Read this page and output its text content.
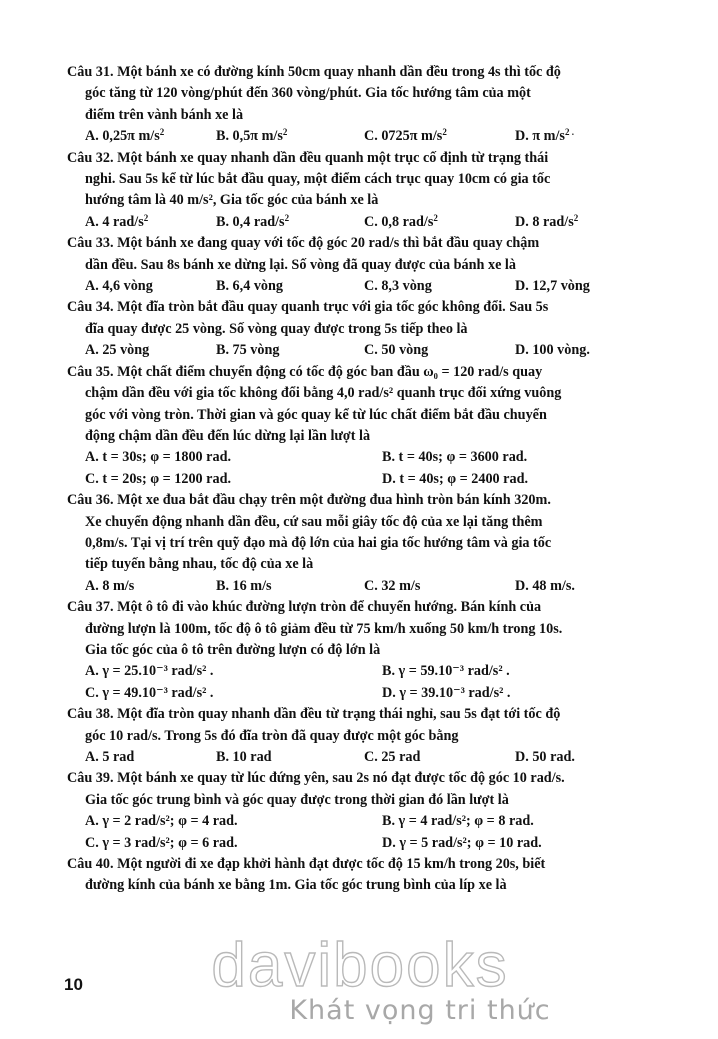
Câu 31. Một bánh xe có đường kính 50cm quay nhanh dần đều trong 4s thì tốc độ
góc tăng từ 120 vòng/phút đến 360 vòng/phút. Gia tốc hướng tâm của một
điểm trên vành bánh xe là
A. 0,25π $m/s^2$	B. 0,5π $m/s^2$	C. 0725π $m/s^2$	D. π $m/s^{2 .}$
Câu 32. Một bánh xe quay nhanh dần đều quanh một trục cố định từ trạng thái
nghi. Sau 5s kể từ lúc bắt đầu quay, một điểm cách trục quay 10cm có gia tốc
hướng tâm là 40 m/s², Gia tốc góc của bánh xe là
A. 4 rad/$s^2$	B. 0,4 rad/$s^2$	C. 0,8 rad/$s^2$	D. 8 rad/$s^2$
Câu 33. Một bánh xe đang quay với tốc độ góc 20 rad/s thì bắt đầu quay chậm
dần đều. Sau 8s bánh xe dừng lại. Số vòng đã quay được của bánh xe là
A. 4,6 vòng	B. 6,4 vòng	C. 8,3 vòng	D. 12,7 vòng
Câu 34. Một đĩa tròn bắt đầu quay quanh trục với gia tốc góc không đổi. Sau 5s
đĩa quay được 25 vòng. Số vòng quay được trong 5s tiếp theo là
A. 25 vòng	B. 75 vòng	C. 50 vòng	D. 100 vòng.
Câu 35. Một chất điểm chuyển động có tốc độ góc ban đầu ω₀ = 120 rad/s quay
chậm dần đều với gia tốc không đổi bằng 4,0 rad/s² quanh trục đối xứng vuông
góc với vòng tròn. Thời gian và góc quay kể từ lúc chất điểm bắt đầu chuyển
động chậm dần đều đến lúc dừng lại lần lượt là
A. t = 30s; φ = 1800 rad.	B. t = 40s; φ = 3600 rad.
C. t = 20s; φ = 1200 rad.	D. t = 40s; φ = 2400 rad.
Câu 36. Một xe đua bắt đầu chạy trên một đường đua hình tròn bán kính 320m.
Xe chuyển động nhanh dần đều, cứ sau mỗi giây tốc độ của xe lại tăng thêm
0,8m/s. Tại vị trí trên quỹ đạo mà độ lớn của hai gia tốc hướng tâm và gia tốc
tiếp tuyến bằng nhau, tốc độ của xe là
A. 8 m/s	B. 16 m/s	C. 32 m/s	D. 48 m/s.
Câu 37. Một ô tô đi vào khúc đường lượn tròn để chuyển hướng. Bán kính của
đường lượn là 100m, tốc độ ô tô giảm đều từ 75 km/h xuống 50 km/h trong 10s.
Gia tốc góc của ô tô trên đường lượn có độ lớn là
A. γ = 25.10⁻³ rad/s² .	B. γ = 59.10⁻³ rad/s² .
C. γ = 49.10⁻³ rad/s² .	D. γ = 39.10⁻³ rad/s² .
Câu 38. Một đĩa tròn quay nhanh dần đều từ trạng thái nghỉ, sau 5s đạt tới tốc độ
góc 10 rad/s. Trong 5s đó đĩa tròn đã quay được một góc bằng
A. 5 rad	B. 10 rad	C. 25 rad	D. 50 rad.
Câu 39. Một bánh xe quay từ lúc đứng yên, sau 2s nó đạt được tốc độ góc 10 rad/s.
Gia tốc góc trung bình và góc quay được trong thời gian đó lần lượt là
A. γ = 2 rad/s²; φ = 4 rad.	B. γ = 4 rad/s²; φ = 8 rad.
C. γ = 3 rad/s²; φ = 6 rad.	D. γ = 5 rad/s²; φ = 10 rad.
Câu 40. Một người đi xe đạp khởi hành đạt được tốc độ 15 km/h trong 20s, biết
đường kính của bánh xe bằng 1m. Gia tốc góc trung bình của líp xe là
10	davibooks
Khát vọng tri thức
